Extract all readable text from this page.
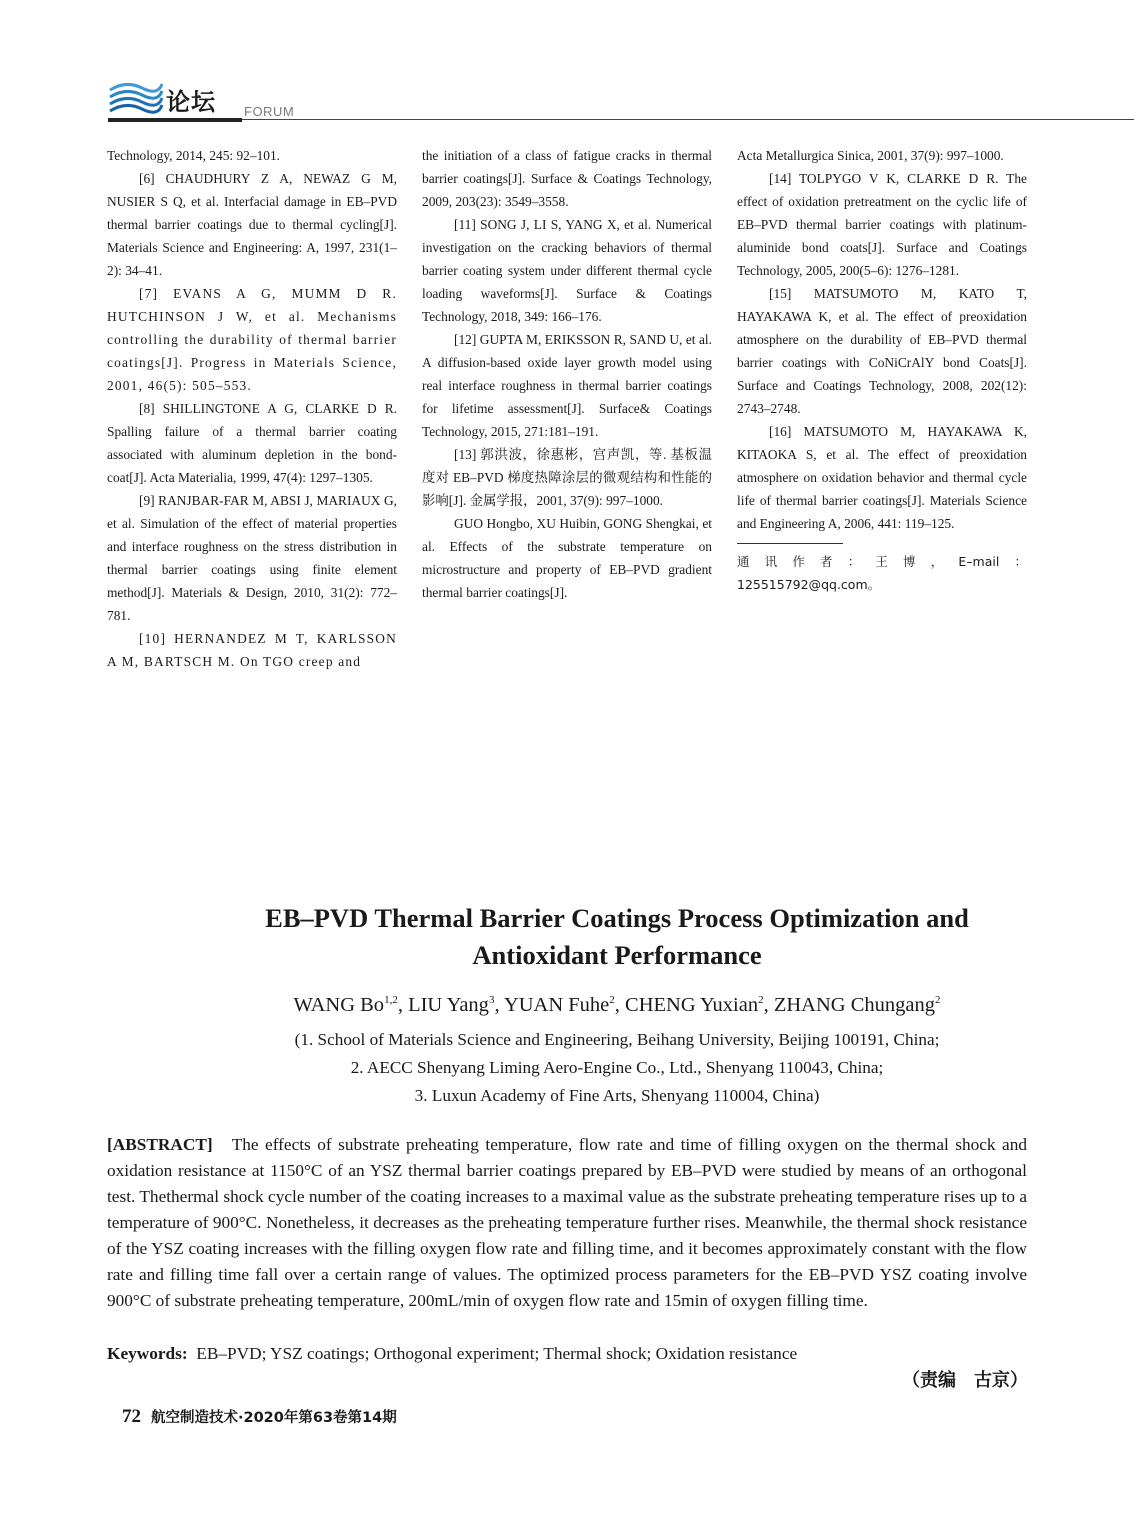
论坛 FORUM

Technology, 2014, 245: 92–101.

[6] CHAUDHURY Z A, NEWAZ G M, NUSIER S Q, et al. Interfacial damage in EB–PVD thermal barrier coatings due to thermal cycling[J]. Materials Science and Engineering: A, 1997, 231(1–2): 34–41.

[7] EVANS A G, MUMM D R. HUTCHINSON J W, et al. Mechanisms controlling the durability of thermal barrier coatings[J]. Progress in Materials Science, 2001, 46(5): 505–553.

[8] SHILLINGTONE A G, CLARKE D R. Spalling failure of a thermal barrier coating associated with aluminum depletion in the bond-coat[J]. Acta Materialia, 1999, 47(4): 1297–1305.

[9] RANJBAR-FAR M, ABSI J, MARIAUX G, et al. Simulation of the effect of material properties and interface roughness on the stress distribution in thermal barrier coatings using finite element method[J]. Materials & Design, 2010, 31(2): 772–781.

[10] HERNANDEZ M T, KARLSSON A M, BARTSCH M. On TGO creep and

the initiation of a class of fatigue cracks in thermal barrier coatings[J]. Surface & Coatings Technology, 2009, 203(23): 3549–3558.

[11] SONG J, LI S, YANG X, et al. Numerical investigation on the cracking behaviors of thermal barrier coating system under different thermal cycle loading waveforms[J]. Surface & Coatings Technology, 2018, 349: 166–176.

[12] GUPTA M, ERIKSSON R, SAND U, et al. A diffusion-based oxide layer growth model using real interface roughness in thermal barrier coatings for lifetime assessment[J]. Surface& Coatings Technology, 2015, 271:181–191.

[13] 郭洪波，徐惠彬，宫声凯，等. 基板温度对 EB–PVD 梯度热障涂层的微观结构和性能的影响[J]. 金属学报，2001, 37(9): 997–1000.

GUO Hongbo, XU Huibin, GONG Shengkai, et al. Effects of the substrate temperature on microstructure and property of EB–PVD gradient thermal barrier coatings[J].

Acta Metallurgica Sinica, 2001, 37(9): 997–1000.

[14] TOLPYGO V K, CLARKE D R. The effect of oxidation pretreatment on the cyclic life of EB–PVD thermal barrier coatings with platinum-aluminide bond coats[J]. Surface and Coatings Technology, 2005, 200(5–6): 1276–1281.

[15] MATSUMOTO M, KATO T, HAYAKAWA K, et al. The effect of preoxidation atmosphere on the durability of EB–PVD thermal barrier coatings with CoNiCrAlY bond Coats[J]. Surface and Coatings Technology, 2008, 202(12): 2743–2748.

[16] MATSUMOTO M, HAYAKAWA K, KITAOKA S, et al. The effect of preoxidation atmosphere on oxidation behavior and thermal cycle life of thermal barrier coatings[J]. Materials Science and Engineering A, 2006, 441: 119–125.

通讯作者：王博，E–mail：125515792@qq.com。

EB–PVD Thermal Barrier Coatings Process Optimization and
Antioxidant Performance
WANG Bo$^{1,2}$, LIU Yang$^3$, YUAN Fuhe$^2$, CHENG Yuxian$^2$, ZHANG Chungang$^2$
(1. School of Materials Science and Engineering, Beihang University, Beijing 100191, China;
2. AECC Shenyang Liming Aero-Engine Co., Ltd., Shenyang 110043, China;
3. Luxun Academy of Fine Arts, Shenyang 110004, China)

[ABSTRACT] The effects of substrate preheating temperature, flow rate and time of filling oxygen on the thermal shock and oxidation resistance at 1150°C of an YSZ thermal barrier coatings prepared by EB–PVD were studied by means of an orthogonal test. Thethermal shock cycle number of the coating increases to a maximal value as the substrate preheating temperature rises up to a temperature of 900°C. Nonetheless, it decreases as the preheating temperature further rises. Meanwhile, the thermal shock resistance of the YSZ coating increases with the filling oxygen flow rate and filling time, and it becomes approximately constant with the flow rate and filling time fall over a certain range of values. The optimized process parameters for the EB–PVD YSZ coating involve 900°C of substrate preheating temperature, 200mL/min of oxygen flow rate and 15min of oxygen filling time.

Keywords: EB–PVD; YSZ coatings; Orthogonal experiment; Thermal shock; Oxidation resistance

（责编　古京）
72 航空制造技术·2020年第63卷第14期
